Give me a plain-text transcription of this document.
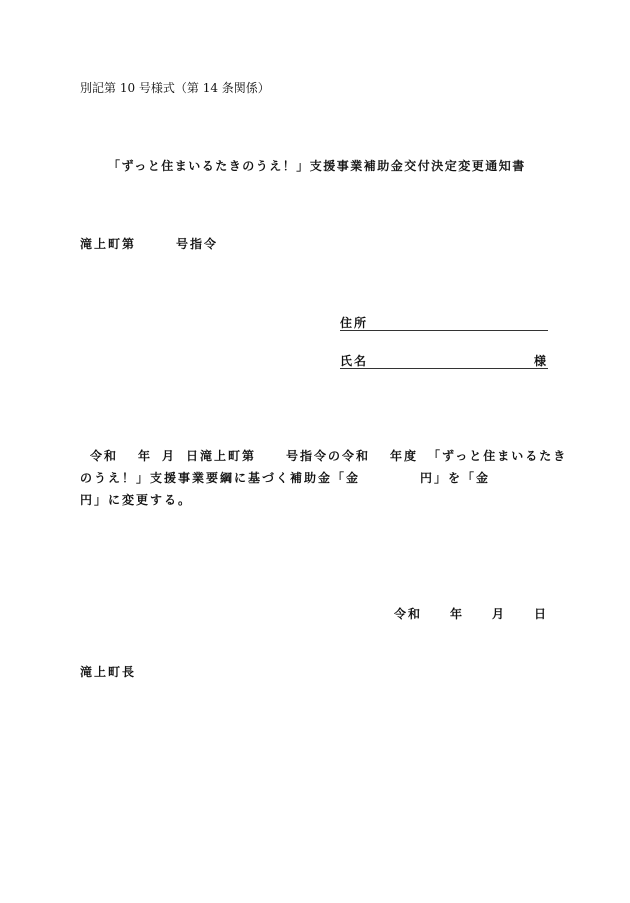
別記第 10 号様式（第 14 条関係）
「ずっと住まいるたきのうえ！」支援事業補助金交付決定変更通知書
滝上町第	号指令
住所
氏名	様
令和 年 月 日滝上町第 号指令の令和 年度 「ずっと住まいるたき
のうえ！」支援事業要綱に基づく補助金「金	円」を「金
円」に変更する。
令和 年 月 日
滝上町長
